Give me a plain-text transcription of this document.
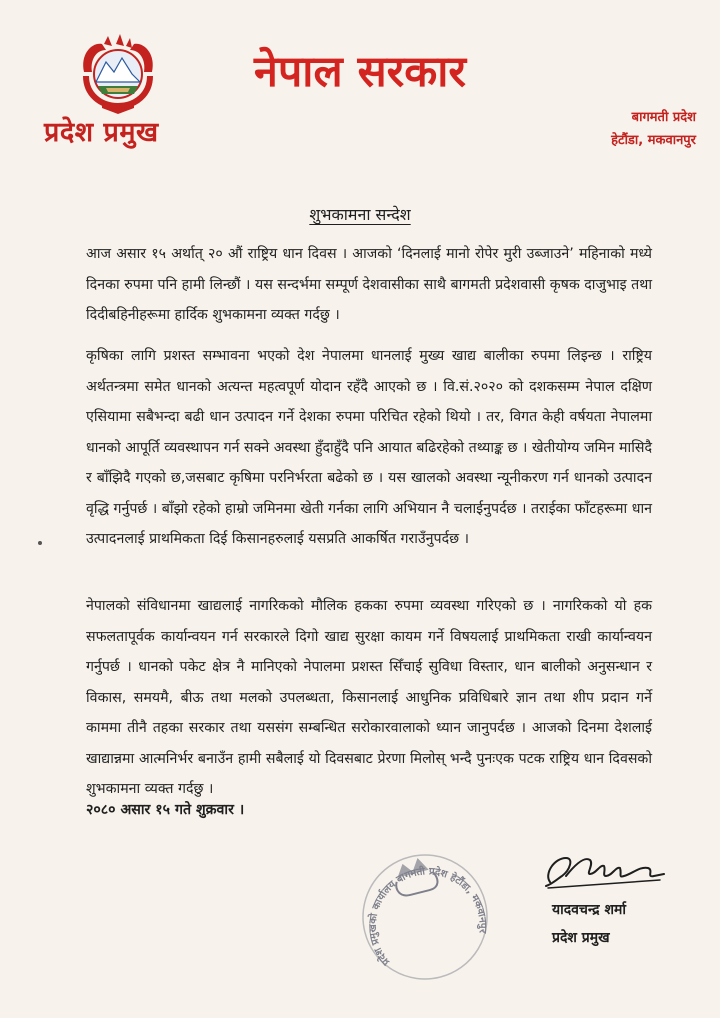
प्रदेश प्रमुख
नेपाल सरकार
बागमती प्रदेश
हेटौंडा, मकवानपुर
शुभकामना सन्देश

आज असार १५ अर्थात् २० औं राष्ट्रिय धान दिवस । आजको ‘दिनलाई मानो रोपेर मुरी उब्जाउने’ महिनाको मध्ये दिनका रुपमा पनि हामी लिन्छौं । यस सन्दर्भमा सम्पूर्ण देशवासीका साथै बागमती प्रदेशवासी कृषक दाजुभाइ तथा दिदीबहिनीहरूमा हार्दिक शुभकामना व्यक्त गर्दछु ।

कृषिका लागि प्रशस्त सम्भावना भएको देश नेपालमा धानलाई मुख्य खाद्य बालीका रुपमा लिइन्छ । राष्ट्रिय अर्थतन्त्रमा समेत धानको अत्यन्त महत्वपूर्ण योदान रहँदै आएको छ । वि.सं.२०२० को दशकसम्म नेपाल दक्षिण एसियामा सबैभन्दा बढी धान उत्पादन गर्ने देशका रुपमा परिचित रहेको थियो । तर, विगत केही वर्षयता नेपालमा धानको आपूर्ति व्यवस्थापन गर्न सक्ने अवस्था हुँदाहुँदै पनि आयात बढिरहेको तथ्याङ्क छ । खेतीयोग्य जमिन मासिदै र बाँझिदै गएको छ,जसबाट कृषिमा परनिर्भरता बढेको छ । यस खालको अवस्था न्यूनीकरण गर्न धानको उत्पादन वृद्धि गर्नुपर्छ । बाँझो रहेको हाम्रो जमिनमा खेती गर्नका लागि अभियान नै चलाईनुपर्दछ । तराईका फाँटहरूमा धान उत्पादनलाई प्राथमिकता दिई किसानहरुलाई यसप्रति आकर्षित गराउँनुपर्दछ ।

नेपालको संविधानमा खाद्यलाई नागरिकको मौलिक हकका रुपमा व्यवस्था गरिएको छ । नागरिकको यो हक सफलतापूर्वक कार्यान्वयन गर्न सरकारले दिगो खाद्य सुरक्षा कायम गर्ने विषयलाई प्राथमिकता राखी कार्यान्वयन गर्नुपर्छ । धानको पकेट क्षेत्र नै मानिएको नेपालमा प्रशस्त सिँचाई सुविधा विस्तार, धान बालीको अनुसन्धान र विकास, समयमै, बीऊ तथा मलको उपलब्धता, किसानलाई आधुनिक प्रविधिबारे ज्ञान तथा शीप प्रदान गर्ने काममा तीनै तहका सरकार तथा यससंग सम्बन्धित सरोकारवालाको ध्यान जानुपर्दछ । आजको दिनमा देशलाई खाद्यान्नमा आत्मनिर्भर बनाउँन हामी सबैलाई यो दिवसबाट प्रेरणा मिलोस् भन्दै पुनःएक पटक राष्ट्रिय धान दिवसको शुभकामना व्यक्त गर्दछु ।

२०८० असार १५ गते शुक्रवार ।
प्रदेश प्रमुखको कार्यालय बागमती प्रदेश हेटौंडा, मकवानपुर
यादवचन्द्र शर्मा
प्रदेश प्रमुख
